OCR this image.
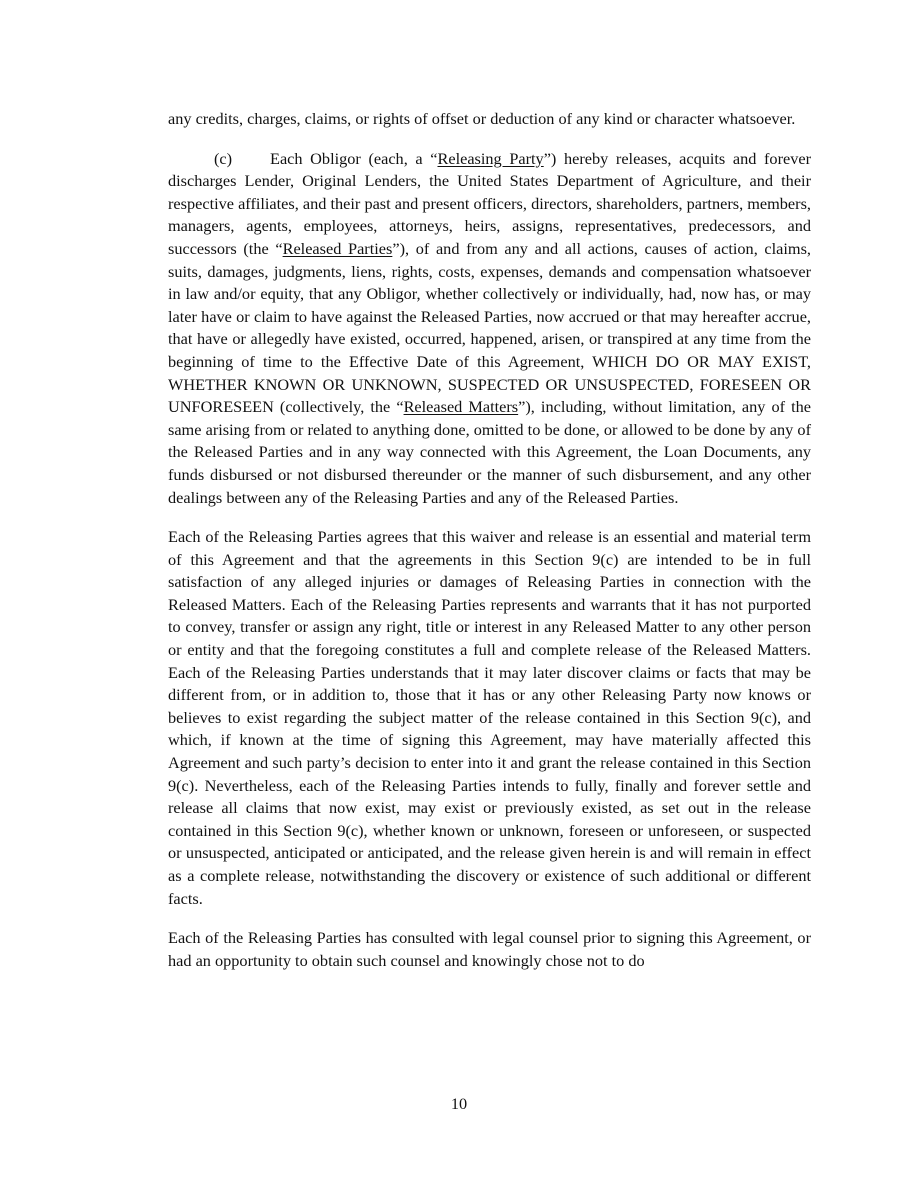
any credits, charges, claims, or rights of offset or deduction of any kind or character whatsoever.

(c) Each Obligor (each, a “Releasing Party”) hereby releases, acquits and forever discharges Lender, Original Lenders, the United States Department of Agriculture, and their respective affiliates, and their past and present officers, directors, shareholders, partners, members, managers, agents, employees, attorneys, heirs, assigns, representatives, predecessors, and successors (the “Released Parties”), of and from any and all actions, causes of action, claims, suits, damages, judgments, liens, rights, costs, expenses, demands and compensation whatsoever in law and/or equity, that any Obligor, whether collectively or individually, had, now has, or may later have or claim to have against the Released Parties, now accrued or that may hereafter accrue, that have or allegedly have existed, occurred, happened, arisen, or transpired at any time from the beginning of time to the Effective Date of this Agreement, WHICH DO OR MAY EXIST, WHETHER KNOWN OR UNKNOWN, SUSPECTED OR UNSUSPECTED, FORESEEN OR UNFORESEEN (collectively, the “Released Matters”), including, without limitation, any of the same arising from or related to anything done, omitted to be done, or allowed to be done by any of the Released Parties and in any way connected with this Agreement, the Loan Documents, any funds disbursed or not disbursed thereunder or the manner of such disbursement, and any other dealings between any of the Releasing Parties and any of the Released Parties.

Each of the Releasing Parties agrees that this waiver and release is an essential and material term of this Agreement and that the agreements in this Section 9(c) are intended to be in full satisfaction of any alleged injuries or damages of Releasing Parties in connection with the Released Matters. Each of the Releasing Parties represents and warrants that it has not purported to convey, transfer or assign any right, title or interest in any Released Matter to any other person or entity and that the foregoing constitutes a full and complete release of the Released Matters. Each of the Releasing Parties understands that it may later discover claims or facts that may be different from, or in addition to, those that it has or any other Releasing Party now knows or believes to exist regarding the subject matter of the release contained in this Section 9(c), and which, if known at the time of signing this Agreement, may have materially affected this Agreement and such party’s decision to enter into it and grant the release contained in this Section 9(c). Nevertheless, each of the Releasing Parties intends to fully, finally and forever settle and release all claims that now exist, may exist or previously existed, as set out in the release contained in this Section 9(c), whether known or unknown, foreseen or unforeseen, or suspected or unsuspected, anticipated or anticipated, and the release given herein is and will remain in effect as a complete release, notwithstanding the discovery or existence of such additional or different facts.

Each of the Releasing Parties has consulted with legal counsel prior to signing this Agreement, or had an opportunity to obtain such counsel and knowingly chose not to do

10
